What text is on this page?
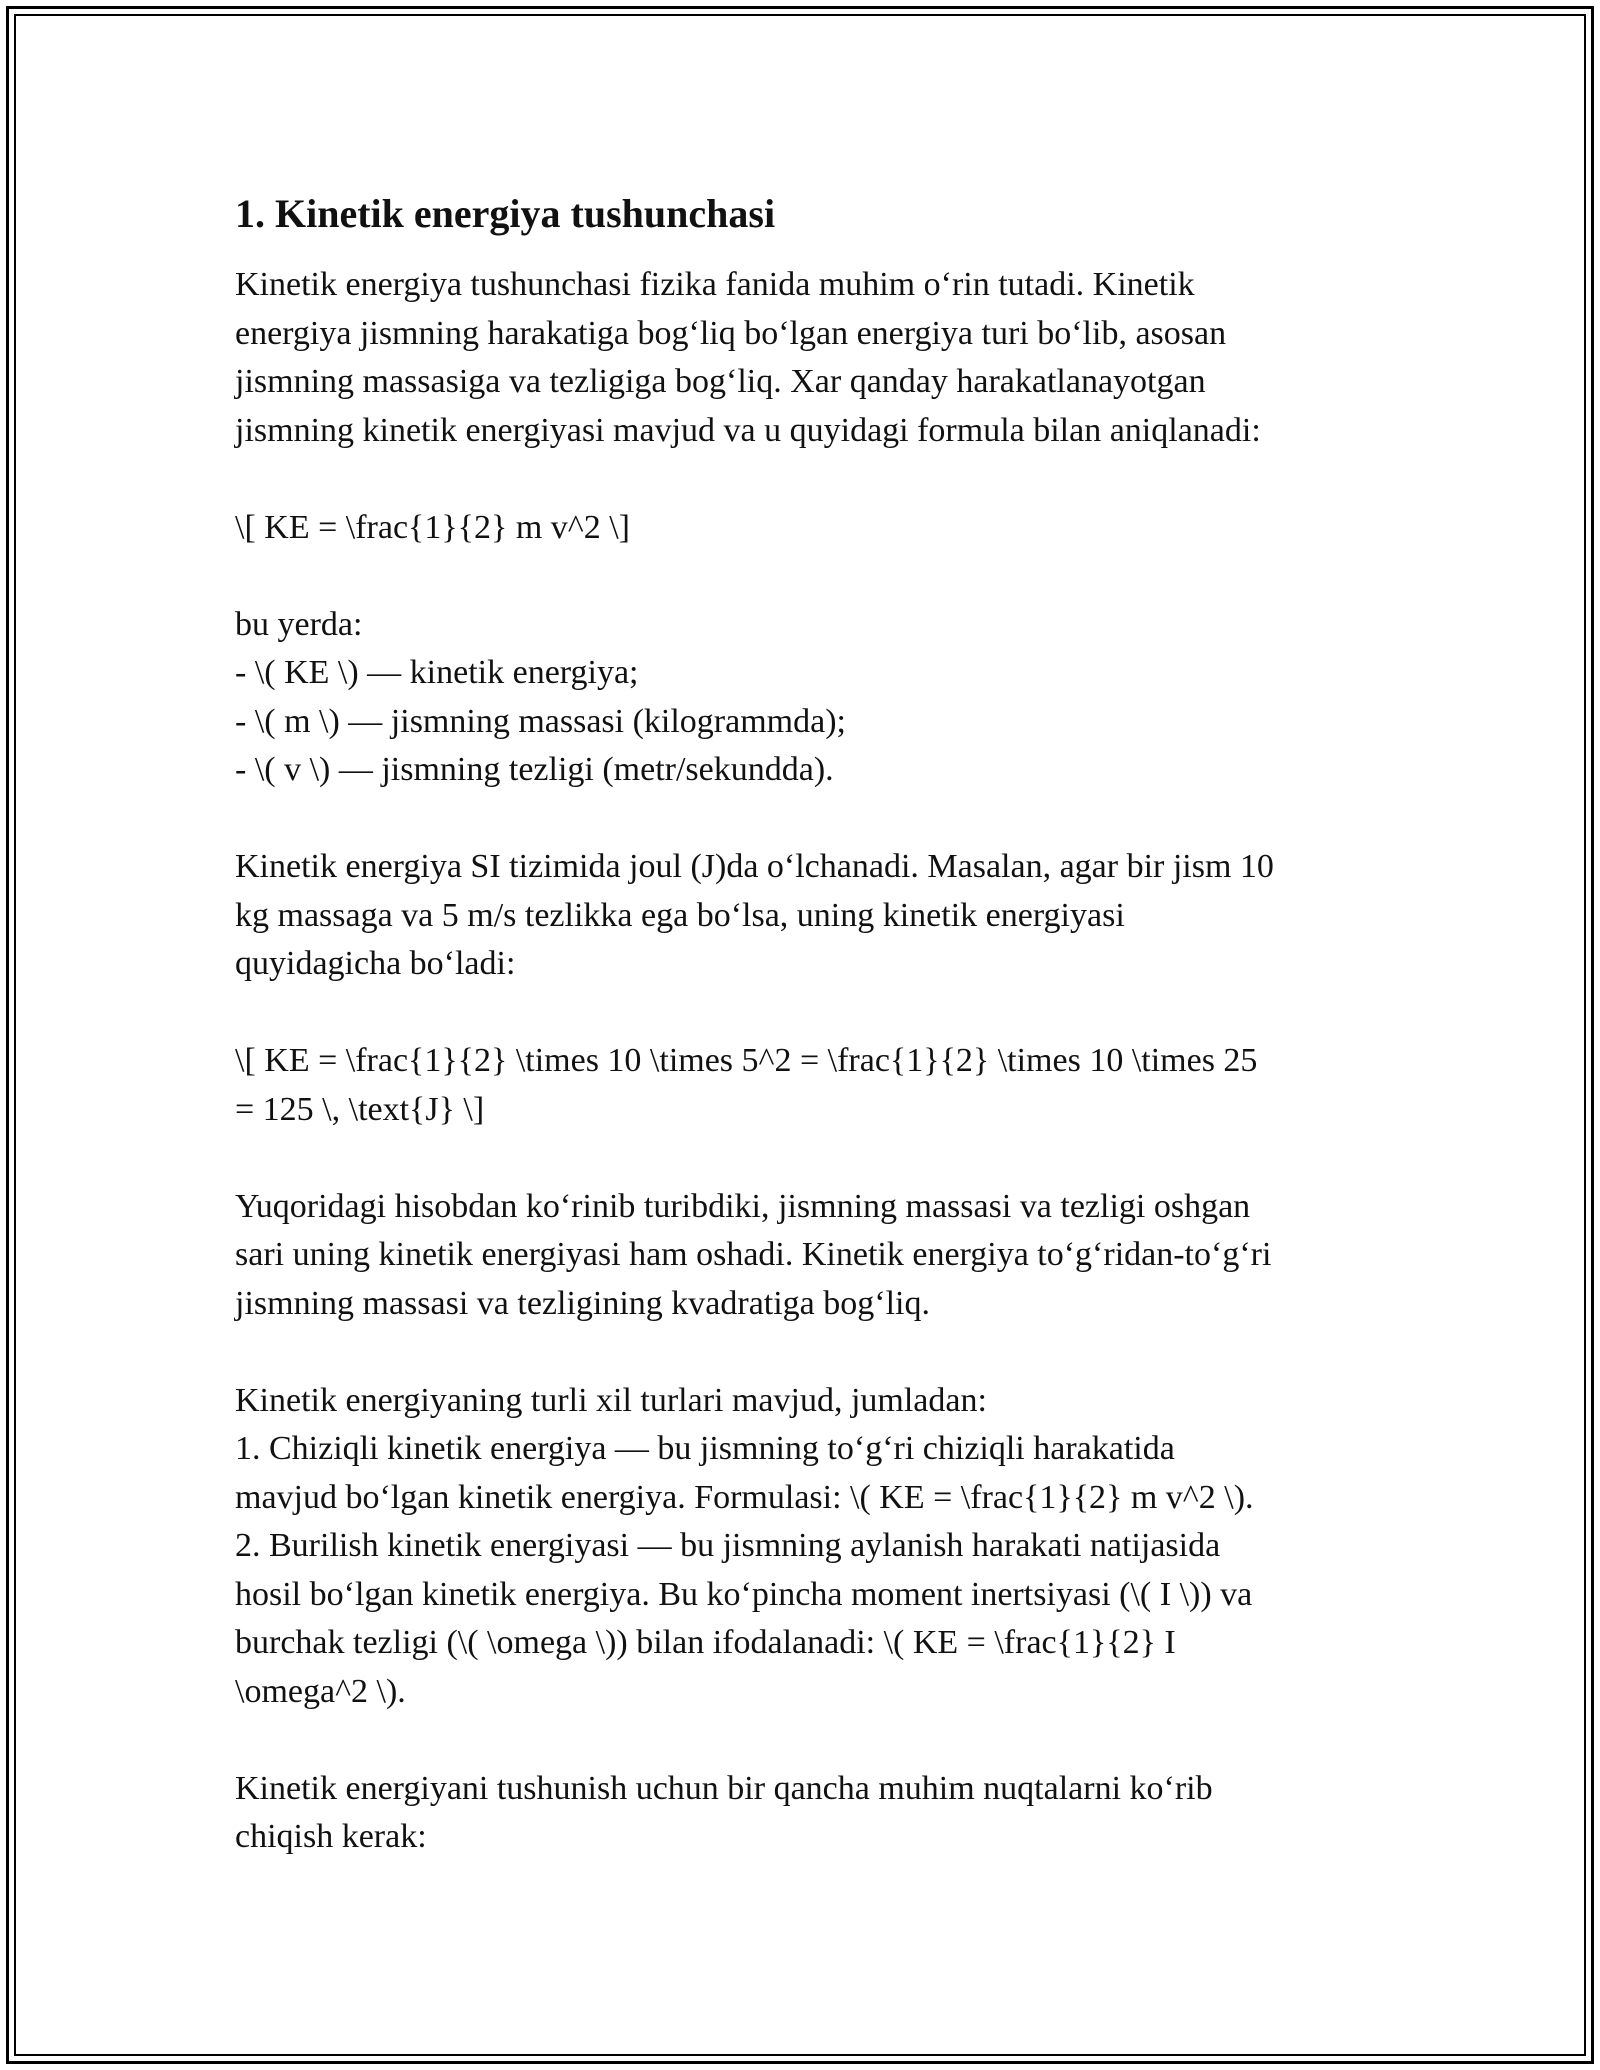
1. Kinetik energiya tushunchasi
Kinetik energiya tushunchasi fizika fanida muhim o‘rin tutadi. Kinetik
energiya jismning harakatiga bog‘liq bo‘lgan energiya turi bo‘lib, asosan
jismning massasiga va tezligiga bog‘liq. Xar qanday harakatlanayotgan
jismning kinetik energiyasi mavjud va u quyidagi formula bilan aniqlanadi:
\[ KE = \frac{1}{2} m v^2 \]
bu yerda:
- \( KE \) — kinetik energiya;
- \( m \) — jismning massasi (kilogrammda);
- \( v \) — jismning tezligi (metr/sekundda).
Kinetik energiya SI tizimida joul (J)da o‘lchanadi. Masalan, agar bir jism 10
kg massaga va 5 m/s tezlikka ega bo‘lsa, uning kinetik energiyasi
quyidagicha bo‘ladi:
\[ KE = \frac{1}{2} \times 10 \times 5^2 = \frac{1}{2} \times 10 \times 25
= 125 \, \text{J} \]
Yuqoridagi hisobdan ko‘rinib turibdiki, jismning massasi va tezligi oshgan
sari uning kinetik energiyasi ham oshadi. Kinetik energiya to‘g‘ridan-to‘g‘ri
jismning massasi va tezligining kvadratiga bog‘liq.
Kinetik energiyaning turli xil turlari mavjud, jumladan:
1. Chiziqli kinetik energiya — bu jismning to‘g‘ri chiziqli harakatida
mavjud bo‘lgan kinetik energiya. Formulasi: \( KE = \frac{1}{2} m v^2 \).
2. Burilish kinetik energiyasi — bu jismning aylanish harakati natijasida
hosil bo‘lgan kinetik energiya. Bu ko‘pincha moment inertsiyasi (\( I \)) va
burchak tezligi (\( \omega \)) bilan ifodalanadi: \( KE = \frac{1}{2} I
\omega^2 \).
Kinetik energiyani tushunish uchun bir qancha muhim nuqtalarni ko‘rib
chiqish kerak:
